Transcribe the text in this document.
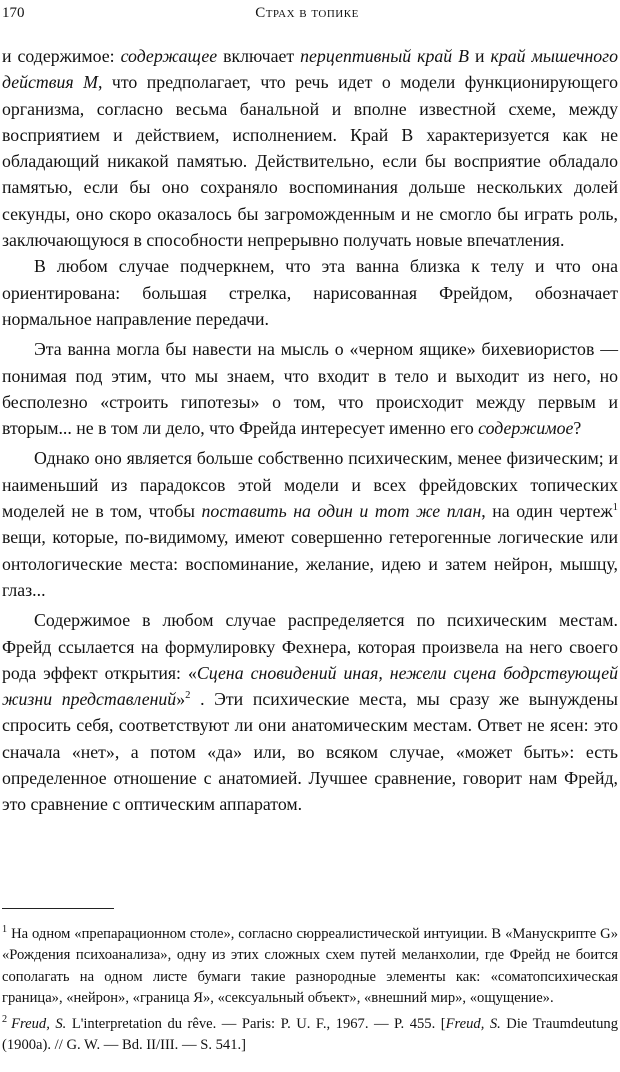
170	Страх в топике

и содержимое: содержащее включает перцептивный край В и край мышечного действия М, что предполагает, что речь идет о модели функционирующего организма, согласно весьма банальной и вполне известной схеме, между восприятием и действием, исполнением. Край В характеризуется как не обладающий никакой памятью. Действительно, если бы восприятие обладало памятью, если бы оно сохраняло воспоминания дольше нескольких долей секунды, оно скоро оказалось бы загроможденным и не смогло бы играть роль, заключающуюся в способности непрерывно получать новые впечатления.

В любом случае подчеркнем, что эта ванна близка к телу и что она ориентирована: большая стрелка, нарисованная Фрейдом, обозначает нормальное направление передачи.

Эта ванна могла бы навести на мысль о «черном ящике» бихевиористов — понимая под этим, что мы знаем, что входит в тело и выходит из него, но бесполезно «строить гипотезы» о том, что происходит между первым и вторым... не в том ли дело, что Фрейда интересует именно его содержимое?

Однако оно является больше собственно психическим, менее физическим; и наименьший из парадоксов этой модели и всех фрейдовских топических моделей не в том, чтобы поставить на один и тот же план, на один чертеж$^1$ вещи, которые, по-видимому, имеют совершенно гетерогенные логические или онтологические места: воспоминание, желание, идею и затем нейрон, мышцу, глаз...

Содержимое в любом случае распределяется по психическим местам. Фрейд ссылается на формулировку Фехнера, которая произвела на него своего рода эффект открытия: «Сцена сновидений иная, нежели сцена бодрствующей жизни представлений»$^2$ . Эти психические места, мы сразу же вынуждены спросить себя, соответствуют ли они анатомическим местам. Ответ не ясен: это сначала «нет», а потом «да» или, во всяком случае, «может быть»: есть определенное отношение с анатомией. Лучшее сравнение, говорит нам Фрейд, это сравнение с оптическим аппаратом.

$^1$ На одном «препарационном столе», согласно сюрреалистической интуиции. В «Манускрипте G» «Рождения психоанализа», одну из этих сложных схем путей меланхолии, где Фрейд не боится сополагать на одном листе бумаги такие разнородные элементы как: «соматопсихическая граница», «нейрон», «граница Я», «сексуальный объект», «внешний мир», «ощущение».

$^2$ Freud, S. L'interpretation du rêve. — Paris: P. U. F., 1967. — P. 455. [Freud, S. Die Traumdeutung (1900a). // G. W. — Bd. II/III. — S. 541.]
